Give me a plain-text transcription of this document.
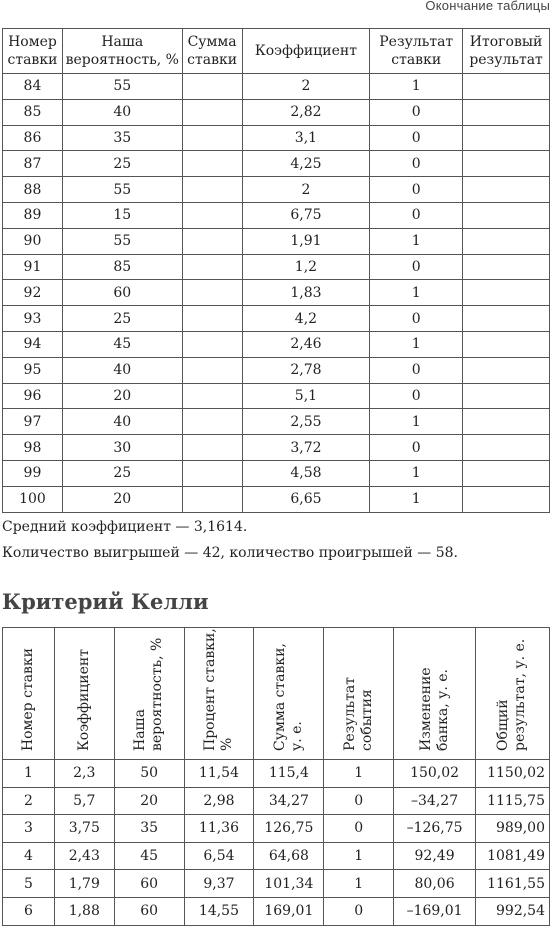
Окончание таблицы
Номер ставки	Наша вероятность, %	Сумма ставки	Коэффициент	Результат ставки	Итоговый результат
84	55		2	1	
85	40		2,82	0	
86	35		3,1	0	
87	25		4,25	0	
88	55		2	0	
89	15		6,75	0	
90	55		1,91	1	
91	85		1,2	0	
92	60		1,83	1	
93	25		4,2	0	
94	45		2,46	1	
95	40		2,78	0	
96	20		5,1	0	
97	40		2,55	1	
98	30		3,72	0	
99	25		4,58	1	
100	20		6,65	1	
Средний коэффициент — 3,1614.
Количество выигрышей — 42, количество проигрышей — 58.
Критерий Келли
Номер ставки	Коэффициент	Наша вероятность, %	Процент ставки, %	Сумма ставки, у. е.	Результат события	Изменение банка, у. е.	Общий результат, у. е.
1	2,3	50	11,54	115,4	1	150,02	1150,02
2	5,7	20	2,98	34,27	0	–34,27	1115,75
3	3,75	35	11,36	126,75	0	–126,75	989,00
4	2,43	45	6,54	64,68	1	92,49	1081,49
5	1,79	60	9,37	101,34	1	80,06	1161,55
6	1,88	60	14,55	169,01	0	–169,01	992,54
